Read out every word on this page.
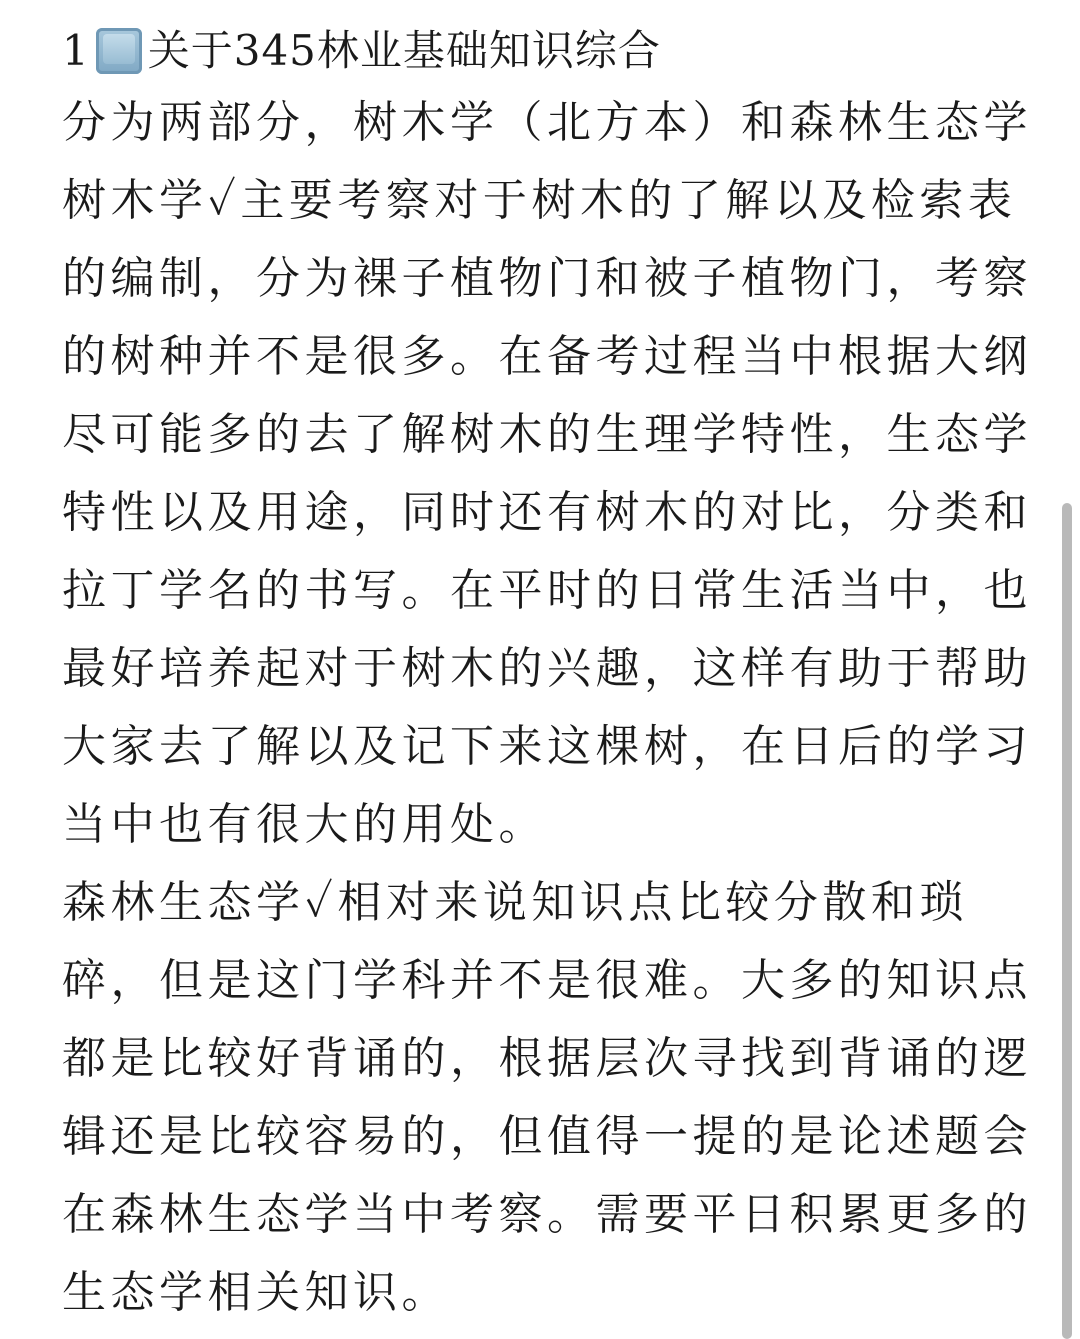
1 关于345林业基础知识综合
分为两部分，树木学（北方本）和森林生态学
树木学✓主要考察对于树木的了解以及检索表
的编制，分为裸子植物门和被子植物门，考察
的树种并不是很多。在备考过程当中根据大纲
尽可能多的去了解树木的生理学特性，生态学
特性以及用途，同时还有树木的对比，分类和
拉丁学名的书写。在平时的日常生活当中，也
最好培养起对于树木的兴趣，这样有助于帮助
大家去了解以及记下来这棵树，在日后的学习
当中也有很大的用处。
森林生态学✓相对来说知识点比较分散和琐
碎，但是这门学科并不是很难。大多的知识点
都是比较好背诵的，根据层次寻找到背诵的逻
辑还是比较容易的，但值得一提的是论述题会
在森林生态学当中考察。需要平日积累更多的
生态学相关知识。
